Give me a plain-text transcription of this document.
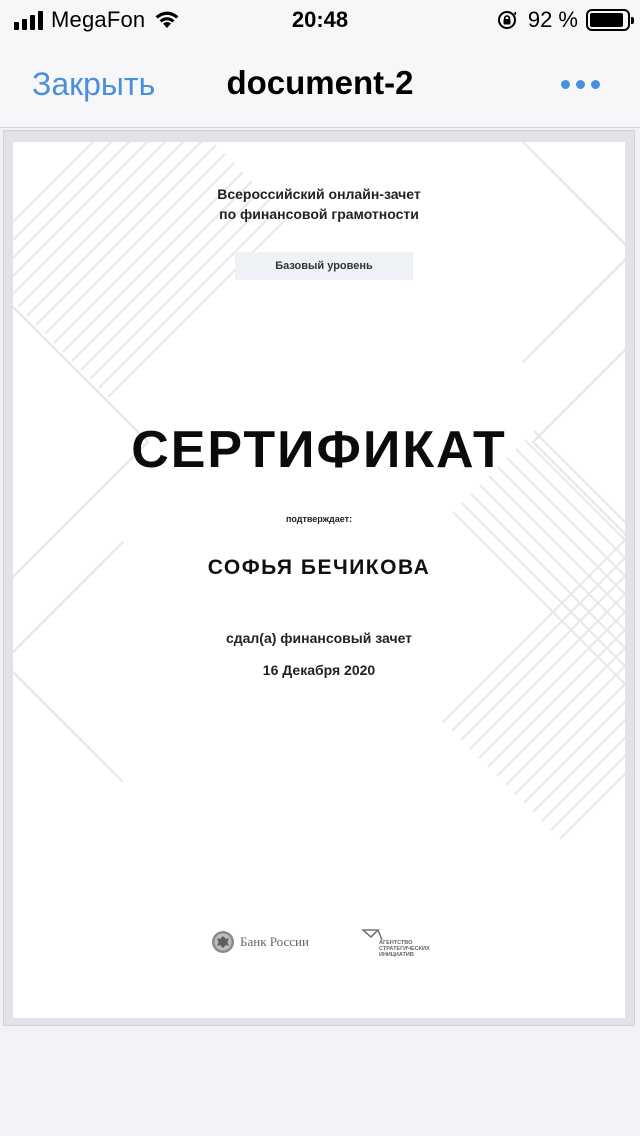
MegaFon	20:48	92 %
Закрыть	document-2
Всероссийский онлайн-зачет
по финансовой грамотности
Базовый уровень
СЕРТИФИКАТ
подтверждает:
СОФЬЯ БЕЧИКОВА
сдал(а) финансовый зачет
16 Декабря 2020
Банк России	АГЕНТСТВО СТРАТЕГИЧЕСКИХ ИНИЦИАТИВ
